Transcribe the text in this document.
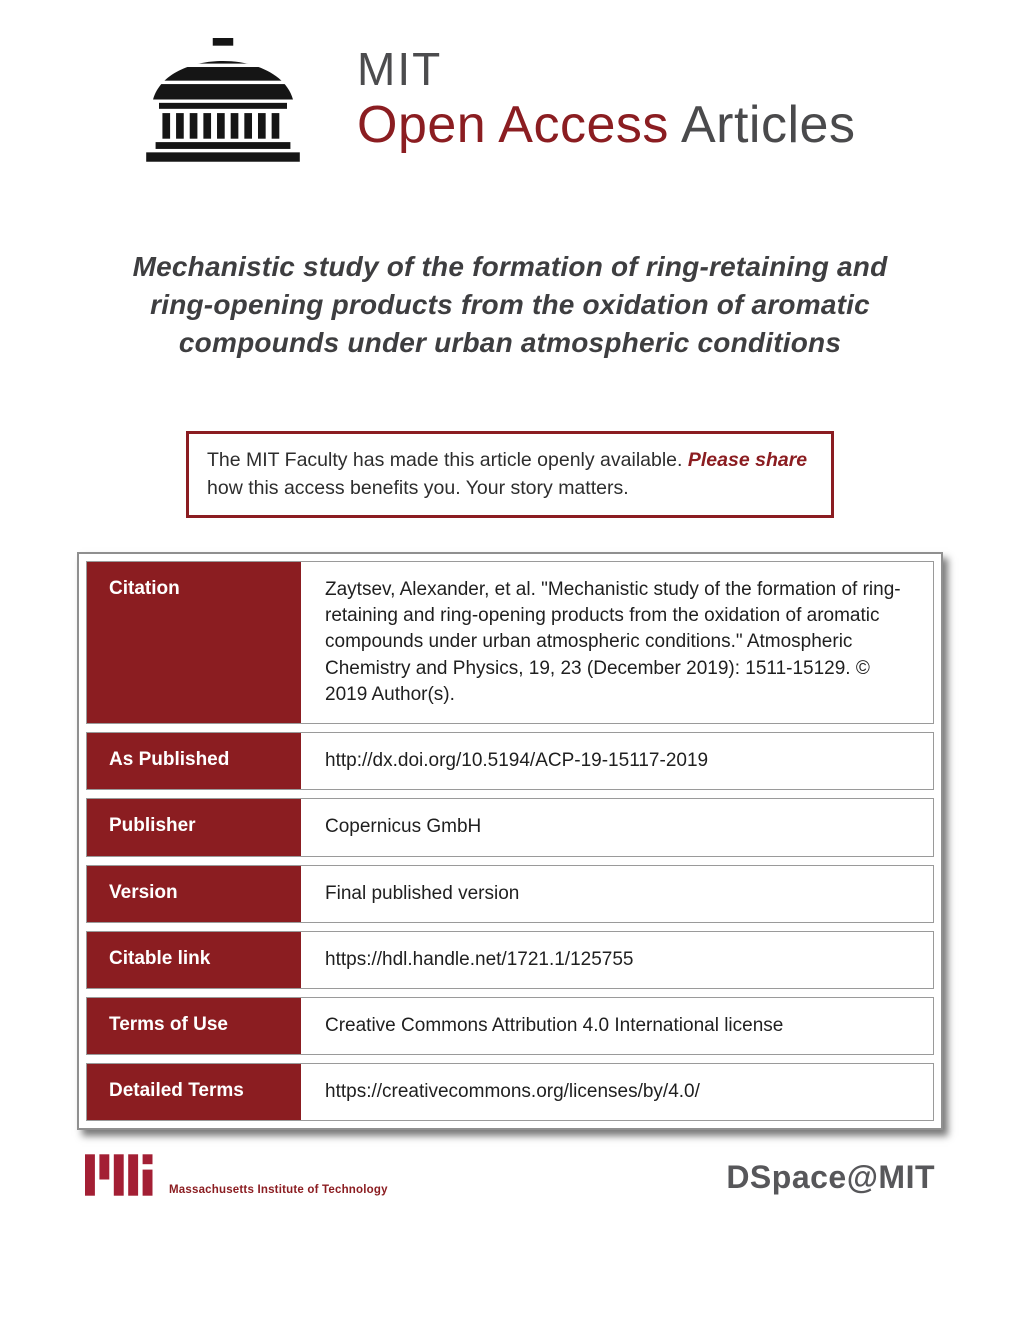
MIT
Open Access Articles
Mechanistic study of the formation of ring-retaining and ring-opening products from the oxidation of aromatic compounds under urban atmospheric conditions
The MIT Faculty has made this article openly available. Please share
how this access benefits you. Your story matters.
Citation	Zaytsev, Alexander, et al. "Mechanistic study of the formation of ring-retaining and ring-opening products from the oxidation of aromatic compounds under urban atmospheric conditions." Atmospheric Chemistry and Physics, 19, 23 (December 2019): 1511-15129. © 2019 Author(s).
As Published	http://dx.doi.org/10.5194/ACP-19-15117-2019
Publisher	Copernicus GmbH
Version	Final published version
Citable link	https://hdl.handle.net/1721.1/125755
Terms of Use	Creative Commons Attribution 4.0 International license
Detailed Terms	https://creativecommons.org/licenses/by/4.0/
Massachusetts Institute of Technology	DSpace@MIT
